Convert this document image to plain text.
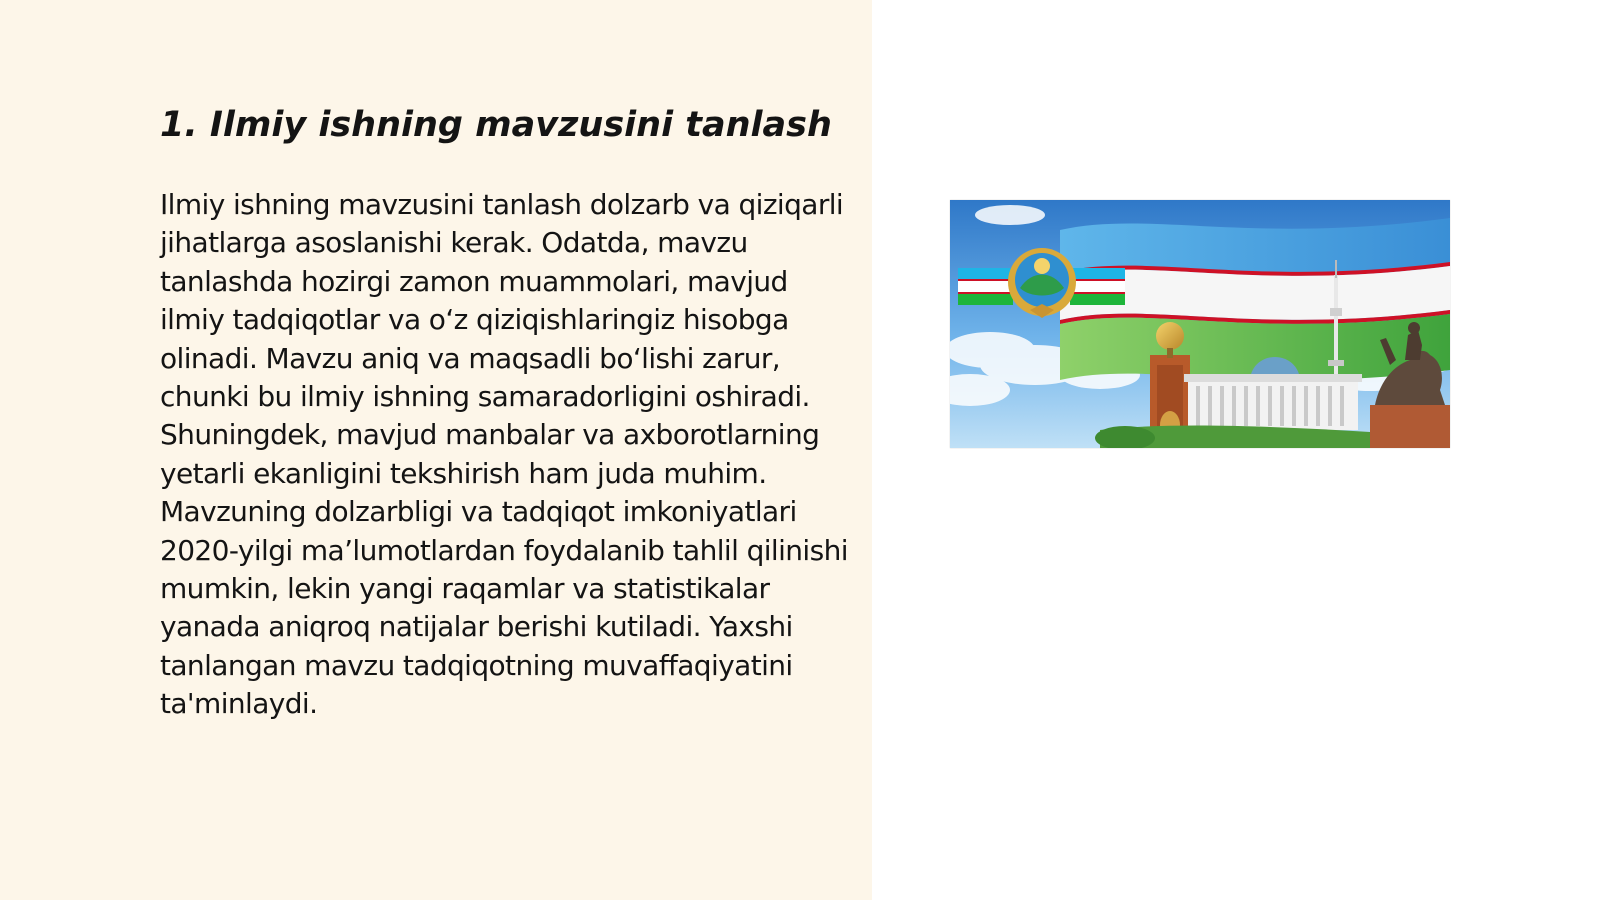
1. Ilmiy ishning mavzusini tanlash

Ilmiy ishning mavzusini tanlash dolzarb va qiziqarli jihatlarga asoslanishi kerak. Odatda, mavzu tanlashda hozirgi zamon muammolari, mavjud ilmiy tadqiqotlar va o‘z qiziqishlaringiz hisobga olinadi. Mavzu aniq va maqsadli bo‘lishi zarur, chunki bu ilmiy ishning samaradorligini oshiradi. Shuningdek, mavjud manbalar va axborotlarning yetarli ekanligini tekshirish ham juda muhim. Mavzuning dolzarbligi va tadqiqot imkoniyatlari 2020-yilgi ma’lumotlardan foydalanib tahlil qilinishi mumkin, lekin yangi raqamlar va statistikalar yanada aniqroq natijalar berishi kutiladi. Yaxshi tanlangan mavzu tadqiqotning muvaffaqiyatini ta'minlaydi.
